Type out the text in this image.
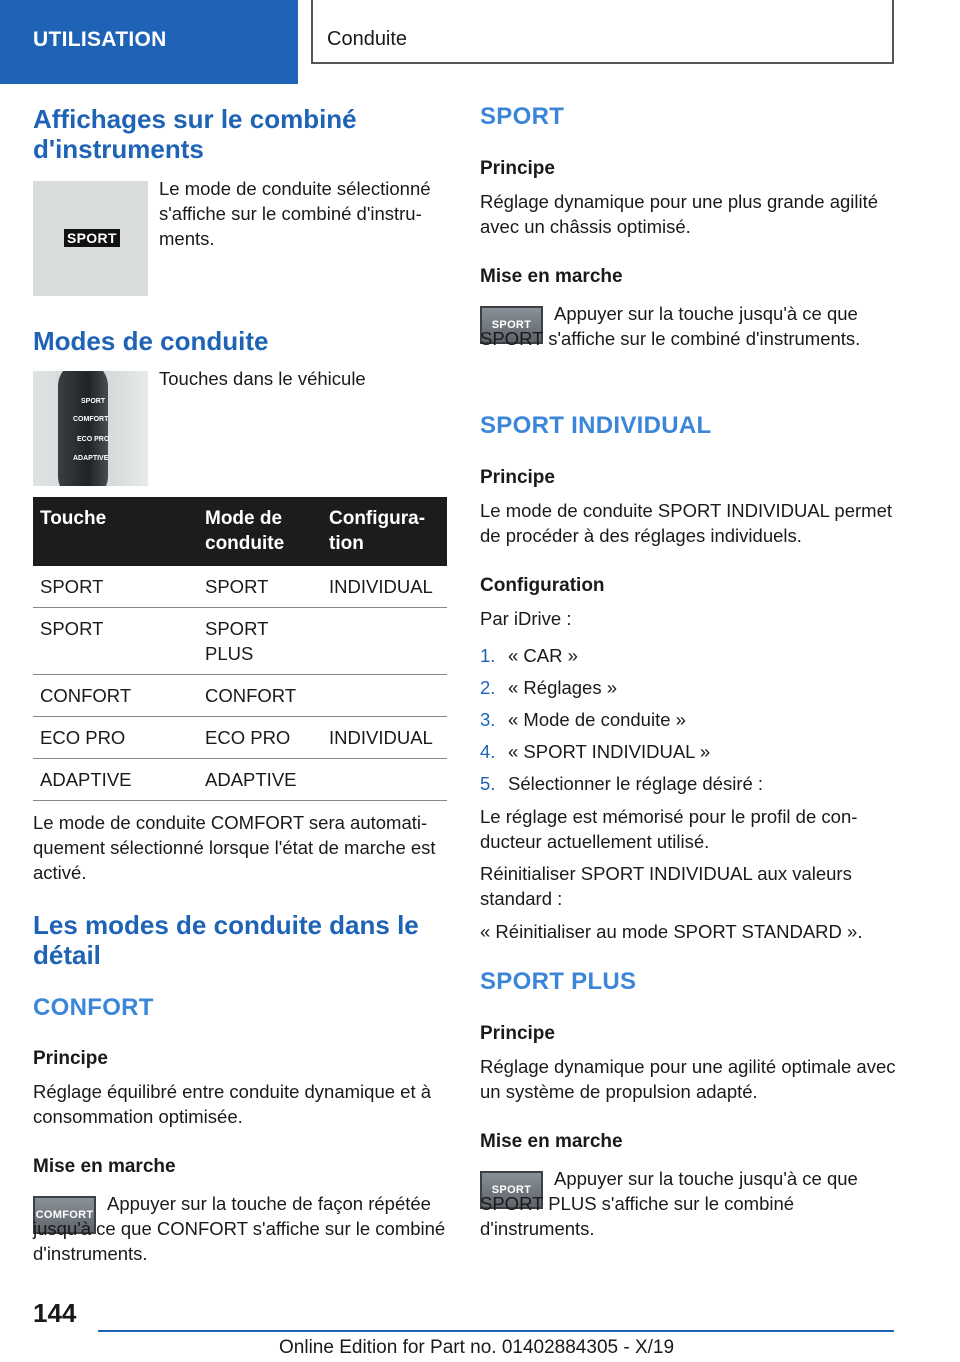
UTILISATION	Conduite
Affichages sur le combiné d'instruments
SPORT
Le mode de conduite sélectionné s'affiche sur le combiné d'instruments.
Modes de conduite
SPORT
COMFORT
ECO PRO
ADAPTIVE
Touches dans le véhicule
Touche	Mode de conduite	Configuration
SPORT	SPORT	INDIVIDUAL
SPORT	SPORT PLUS	
CONFORT	CONFORT	
ECO PRO	ECO PRO	INDIVIDUAL
ADAPTIVE	ADAPTIVE	
Le mode de conduite COMFORT sera automatiquement sélectionné lorsque l'état de marche est activé.
Les modes de conduite dans le détail
CONFORT
Principe
Réglage équilibré entre conduite dynamique et à consommation optimisée.
Mise en marche
COMFORT
Appuyer sur la touche de façon répétée jusqu'à ce que CONFORT s'affiche sur le combiné d'instruments.
SPORT
Principe
Réglage dynamique pour une plus grande agilité avec un châssis optimisé.
Mise en marche
SPORT
Appuyer sur la touche jusqu'à ce que SPORT s'affiche sur le combiné d'instruments.
SPORT INDIVIDUAL
Principe
Le mode de conduite SPORT INDIVIDUAL permet de procéder à des réglages individuels.
Configuration
Par iDrive :
1. « CAR »
2. « Réglages »
3. « Mode de conduite »
4. « SPORT INDIVIDUAL »
5. Sélectionner le réglage désiré :
Le réglage est mémorisé pour le profil de conducteur actuellement utilisé.
Réinitialiser SPORT INDIVIDUAL aux valeurs standard :
« Réinitialiser au mode SPORT STANDARD ».
SPORT PLUS
Principe
Réglage dynamique pour une agilité optimale avec un système de propulsion adapté.
Mise en marche
SPORT
Appuyer sur la touche jusqu'à ce que SPORT PLUS s'affiche sur le combiné d'instruments.
144
Online Edition for Part no. 01402884305 - X/19
